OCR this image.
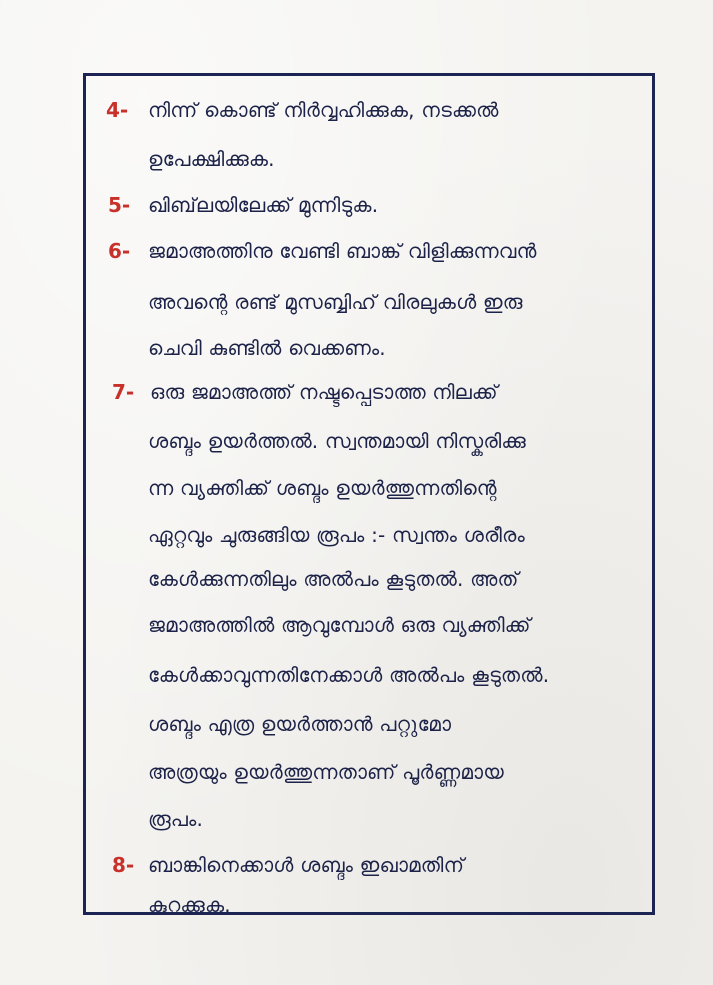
4- നിന്ന് കൊണ്ട് നിർവ്വഹിക്കുക, നടക്കൽ
ഉപേക്ഷിക്കുക.
5- ഖിബ്‌ലയിലേക്ക് മുന്നിടുക.
6- ജമാഅത്തിനു വേണ്ടി ബാങ്ക് വിളിക്കുന്നവൻ
അവന്റെ രണ്ട് മുസബ്ബിഹ് വിരലുകൾ ഇരു
ചെവി കുണ്ടിൽ വെക്കണം.
7- ഒരു ജമാഅത്ത് നഷ്ടപ്പെടാത്ത നിലക്ക്
ശബ്ദം ഉയർത്തൽ. സ്വന്തമായി നിസ്കരിക്കു
ന്ന വ്യക്തിക്ക് ശബ്ദം ഉയർത്തുന്നതിന്റെ
ഏറ്റവും ചുരുങ്ങിയ രൂപം :- സ്വന്തം ശരീരം
കേൾക്കുന്നതിലും അൽപം കൂടുതൽ. അത്
ജമാഅത്തിൽ ആവുമ്പോൾ ഒരു വ്യക്തിക്ക്
കേൾക്കാവുന്നതിനേക്കാൾ അൽപം കൂടുതൽ.
ശബ്ദം എത്ര ഉയർത്താൻ പറ്റുമോ
അത്രയും ഉയർത്തുന്നതാണ് പൂർണ്ണമായ
രൂപം.
8- ബാങ്കിനെക്കാൾ ശബ്ദം ഇഖാമതിന്
കുറക്കുക.
